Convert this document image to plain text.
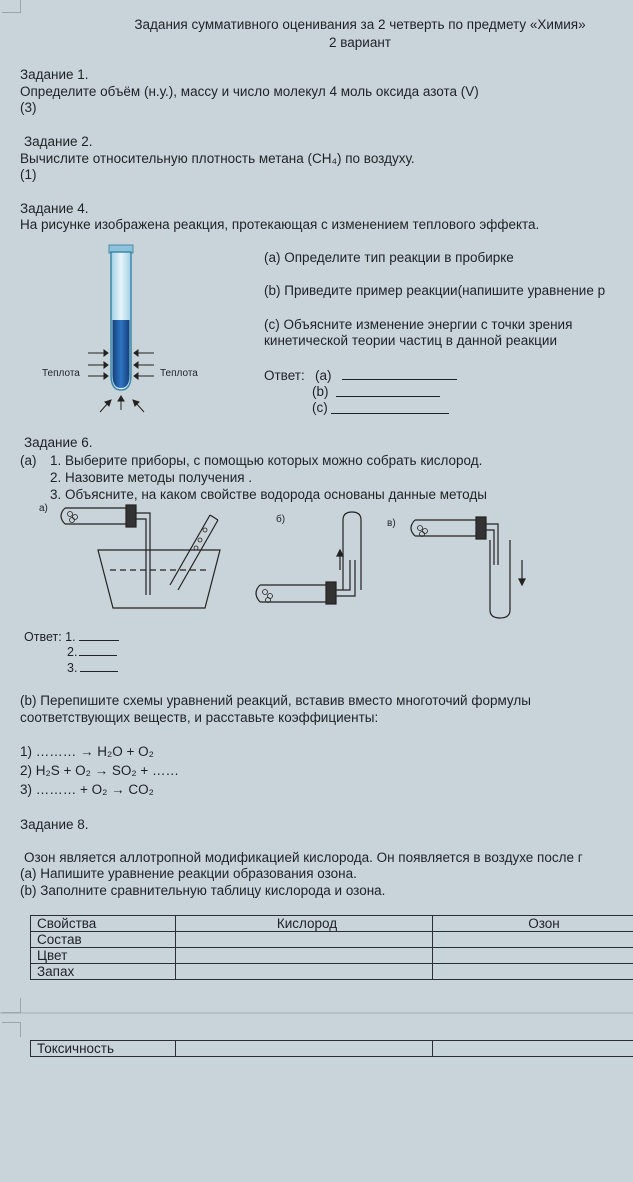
Задания суммативного оценивания за 2 четверть по предмету «Химия»
2 вариант
Задание 1.
Определите объём (н.у.), массу и число молекул 4 моль оксида азота (V)
(3)
Задание 2.
Вычислите относительную плотность метана (CH₄) по воздуху.
(1)
Задание 4.
На рисунке изображена реакция, протекающая с изменением теплового эффекта.
Теплота	Теплота
(а) Определите тип реакции в пробирке
(b) Приведите пример реакции(напишите уравнение р
(с) Объясните изменение энергии с точки зрения
кинетической теории частиц в данной реакции
Ответ: (a)
(b)
(c)
Задание 6.
(a) 1. Выберите приборы, с помощью которых можно собрать кислород.
2. Назовите методы получения .
3. Объясните, на каком свойстве водорода основаны данные методы
а)
б)	в)
Ответ: 1.
2.
3.
(b) Перепишите схемы уравнений реакций, вставив вместо многоточий формулы
соответствующих веществ, и расставьте коэффициенты:
1) ……… → H₂O + O₂
2) H₂S + O₂ → SO₂ + ……
3) ……… + O₂ → CO₂
Задание 8.
Озон является аллотропной модификацией кислорода. Он появляется в воздухе после г
(a) Напишите уравнение реакции образования озона.
(b) Заполните сравнительную таблицу кислорода и озона.
Свойства	Кислород	Озон
Состав		
Цвет		
Запах		
Токсичность		
